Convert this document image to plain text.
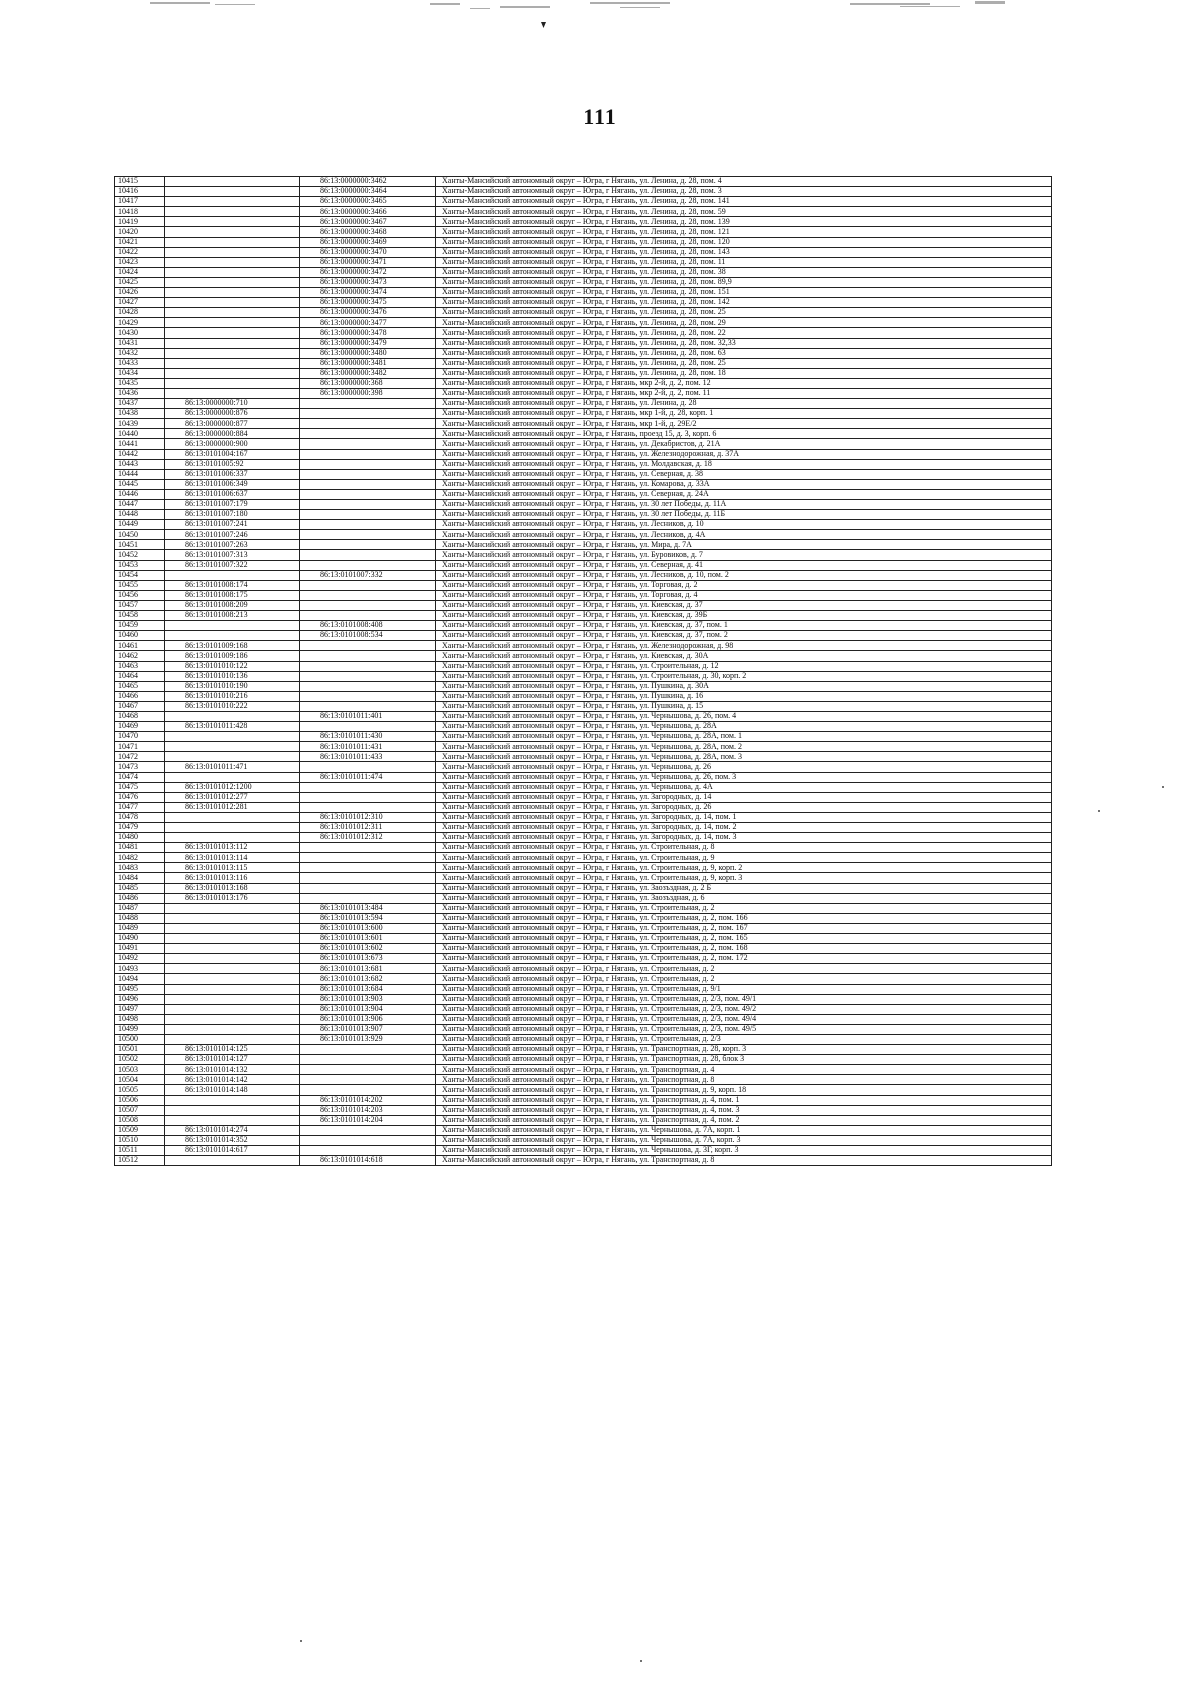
111
10415		86:13:0000000:3462	Ханты-Мансийский автономный округ – Югра, г Нягань, ул. Ленина, д. 28, пом. 4
10416		86:13:0000000:3464	Ханты-Мансийский автономный округ – Югра, г Нягань, ул. Ленина, д. 28, пом. 3
10417		86:13:0000000:3465	Ханты-Мансийский автономный округ – Югра, г Нягань, ул. Ленина, д. 28, пом. 141
10418		86:13:0000000:3466	Ханты-Мансийский автономный округ – Югра, г Нягань, ул. Ленина, д. 28, пом. 59
10419		86:13:0000000:3467	Ханты-Мансийский автономный округ – Югра, г Нягань, ул. Ленина, д. 28, пом. 139
10420		86:13:0000000:3468	Ханты-Мансийский автономный округ – Югра, г Нягань, ул. Ленина, д. 28, пом. 121
10421		86:13:0000000:3469	Ханты-Мансийский автономный округ – Югра, г Нягань, ул. Ленина, д. 28, пом. 120
10422		86:13:0000000:3470	Ханты-Мансийский автономный округ – Югра, г Нягань, ул. Ленина, д. 28, пом. 143
10423		86:13:0000000:3471	Ханты-Мансийский автономный округ – Югра, г Нягань, ул. Ленина, д. 28, пом. 11
10424		86:13:0000000:3472	Ханты-Мансийский автономный округ – Югра, г Нягань, ул. Ленина, д. 28, пом. 38
10425		86:13:0000000:3473	Ханты-Мансийский автономный округ – Югра, г Нягань, ул. Ленина, д. 28, пом. 89,9
10426		86:13:0000000:3474	Ханты-Мансийский автономный округ – Югра, г Нягань, ул. Ленина, д. 28, пом. 151
10427		86:13:0000000:3475	Ханты-Мансийский автономный округ – Югра, г Нягань, ул. Ленина, д. 28, пом. 142
10428		86:13:0000000:3476	Ханты-Мансийский автономный округ – Югра, г Нягань, ул. Ленина, д. 28, пом. 25
10429		86:13:0000000:3477	Ханты-Мансийский автономный округ – Югра, г Нягань, ул. Ленина, д. 28, пом. 29
10430		86:13:0000000:3478	Ханты-Мансийский автономный округ – Югра, г Нягань, ул. Ленина, д. 28, пом. 22
10431		86:13:0000000:3479	Ханты-Мансийский автономный округ – Югра, г Нягань, ул. Ленина, д. 28, пом. 32,33
10432		86:13:0000000:3480	Ханты-Мансийский автономный округ – Югра, г Нягань, ул. Ленина, д. 28, пом. 63
10433		86:13:0000000:3481	Ханты-Мансийский автономный округ – Югра, г Нягань, ул. Ленина, д. 28, пом. 25
10434		86:13:0000000:3482	Ханты-Мансийский автономный округ – Югра, г Нягань, ул. Ленина, д. 28, пом. 18
10435		86:13:0000000:368	Ханты-Мансийский автономный округ – Югра, г Нягань, мкр 2-й, д. 2, пом. 12
10436		86:13:0000000:398	Ханты-Мансийский автономный округ – Югра, г Нягань, мкр 2-й, д. 2, пом. 11
10437	86:13:0000000:710		Ханты-Мансийский автономный округ – Югра, г Нягань, ул. Ленина, д. 28
10438	86:13:0000000:876		Ханты-Мансийский автономный округ – Югра, г Нягань, мкр 1-й, д. 28, корп. 1
10439	86:13:0000000:877		Ханты-Мансийский автономный округ – Югра, г Нягань, мкр 1-й, д. 29Е/2
10440	86:13:0000000:884		Ханты-Мансийский автономный округ – Югра, г Нягань, проезд 15, д. 3, корп. 6
10441	86:13:0000000:900		Ханты-Мансийский автономный округ – Югра, г Нягань, ул. Декабристов, д. 21А
10442	86:13:0101004:167		Ханты-Мансийский автономный округ – Югра, г Нягань, ул. Железнодорожная, д. 37А
10443	86:13:0101005:92		Ханты-Мансийский автономный округ – Югра, г Нягань, ул. Молдавская, д. 18
10444	86:13:0101006:337		Ханты-Мансийский автономный округ – Югра, г Нягань, ул. Северная, д. 38
10445	86:13:0101006:349		Ханты-Мансийский автономный округ – Югра, г Нягань, ул. Комарова, д. 33А
10446	86:13:0101006:637		Ханты-Мансийский автономный округ – Югра, г Нягань, ул. Северная, д. 24А
10447	86:13:0101007:179		Ханты-Мансийский автономный округ – Югра, г Нягань, ул. 30 лет Победы, д. 11А
10448	86:13:0101007:180		Ханты-Мансийский автономный округ – Югра, г Нягань, ул. 30 лет Победы, д. 11Б
10449	86:13:0101007:241		Ханты-Мансийский автономный округ – Югра, г Нягань, ул. Лесников, д. 10
10450	86:13:0101007:246		Ханты-Мансийский автономный округ – Югра, г Нягань, ул. Лесников, д. 4А
10451	86:13:0101007:263		Ханты-Мансийский автономный округ – Югра, г Нягань, ул. Мира, д. 7А
10452	86:13:0101007:313		Ханты-Мансийский автономный округ – Югра, г Нягань, ул. Буровиков, д. 7
10453	86:13:0101007:322		Ханты-Мансийский автономный округ – Югра, г Нягань, ул. Северная, д. 41
10454		86:13:0101007:332	Ханты-Мансийский автономный округ – Югра, г Нягань, ул. Лесников, д. 10, пом. 2
10455	86:13:0101008:174		Ханты-Мансийский автономный округ – Югра, г Нягань, ул. Торговая, д. 2
10456	86:13:0101008:175		Ханты-Мансийский автономный округ – Югра, г Нягань, ул. Торговая, д. 4
10457	86:13:0101008:209		Ханты-Мансийский автономный округ – Югра, г Нягань, ул. Киевская, д. 37
10458	86:13:0101008:213		Ханты-Мансийский автономный округ – Югра, г Нягань, ул. Киевская, д. 39Б
10459		86:13:0101008:408	Ханты-Мансийский автономный округ – Югра, г Нягань, ул. Киевская, д. 37, пом. 1
10460		86:13:0101008:534	Ханты-Мансийский автономный округ – Югра, г Нягань, ул. Киевская, д. 37, пом. 2
10461	86:13:0101009:168		Ханты-Мансийский автономный округ – Югра, г Нягань, ул. Железнодорожная, д. 98
10462	86:13:0101009:186		Ханты-Мансийский автономный округ – Югра, г Нягань, ул. Киевская, д. 30А
10463	86:13:0101010:122		Ханты-Мансийский автономный округ – Югра, г Нягань, ул. Строительная, д. 12
10464	86:13:0101010:136		Ханты-Мансийский автономный округ – Югра, г Нягань, ул. Строительная, д. 30, корп. 2
10465	86:13:0101010:190		Ханты-Мансийский автономный округ – Югра, г Нягань, ул. Пушкина, д. 30А
10466	86:13:0101010:216		Ханты-Мансийский автономный округ – Югра, г Нягань, ул. Пушкина, д. 16
10467	86:13:0101010:222		Ханты-Мансийский автономный округ – Югра, г Нягань, ул. Пушкина, д. 15
10468		86:13:0101011:401	Ханты-Мансийский автономный округ – Югра, г Нягань, ул. Чернышова, д. 26, пом. 4
10469	86:13:0101011:428		Ханты-Мансийский автономный округ – Югра, г Нягань, ул. Чернышова, д. 28А
10470		86:13:0101011:430	Ханты-Мансийский автономный округ – Югра, г Нягань, ул. Чернышова, д. 28А, пом. 1
10471		86:13:0101011:431	Ханты-Мансийский автономный округ – Югра, г Нягань, ул. Чернышова, д. 28А, пом. 2
10472		86:13:0101011:433	Ханты-Мансийский автономный округ – Югра, г Нягань, ул. Чернышова, д. 28А, пом. 3
10473	86:13:0101011:471		Ханты-Мансийский автономный округ – Югра, г Нягань, ул. Чернышова, д. 26
10474		86:13:0101011:474	Ханты-Мансийский автономный округ – Югра, г Нягань, ул. Чернышова, д. 26, пом. 3
10475	86:13:0101012:1200		Ханты-Мансийский автономный округ – Югра, г Нягань, ул. Чернышова, д. 4А
10476	86:13:0101012:277		Ханты-Мансийский автономный округ – Югра, г Нягань, ул. Загородных, д. 14
10477	86:13:0101012:281		Ханты-Мансийский автономный округ – Югра, г Нягань, ул. Загородных, д. 26
10478		86:13:0101012:310	Ханты-Мансийский автономный округ – Югра, г Нягань, ул. Загородных, д. 14, пом. 1
10479		86:13:0101012:311	Ханты-Мансийский автономный округ – Югра, г Нягань, ул. Загородных, д. 14, пом. 2
10480		86:13:0101012:312	Ханты-Мансийский автономный округ – Югра, г Нягань, ул. Загородных, д. 14, пом. 3
10481	86:13:0101013:112		Ханты-Мансийский автономный округ – Югра, г Нягань, ул. Строительная, д. 8
10482	86:13:0101013:114		Ханты-Мансийский автономный округ – Югра, г Нягань, ул. Строительная, д. 9
10483	86:13:0101013:115		Ханты-Мансийский автономный округ – Югра, г Нягань, ул. Строительная, д. 9, корп. 2
10484	86:13:0101013:116		Ханты-Мансийский автономный округ – Югра, г Нягань, ул. Строительная, д. 9, корп. 3
10485	86:13:0101013:168		Ханты-Мансийский автономный округ – Югра, г Нягань, ул. Заозъздная, д. 2 Б
10486	86:13:0101013:176		Ханты-Мансийский автономный округ – Югра, г Нягань, ул. Заозъздная, д. 6
10487		86:13:0101013:484	Ханты-Мансийский автономный округ – Югра, г Нягань, ул. Строительная, д. 2
10488		86:13:0101013:594	Ханты-Мансийский автономный округ – Югра, г Нягань, ул. Строительная, д. 2, пом. 166
10489		86:13:0101013:600	Ханты-Мансийский автономный округ – Югра, г Нягань, ул. Строительная, д. 2, пом. 167
10490		86:13:0101013:601	Ханты-Мансийский автономный округ – Югра, г Нягань, ул. Строительная, д. 2, пом. 165
10491		86:13:0101013:602	Ханты-Мансийский автономный округ – Югра, г Нягань, ул. Строительная, д. 2, пом. 168
10492		86:13:0101013:673	Ханты-Мансийский автономный округ – Югра, г Нягань, ул. Строительная, д. 2, пом. 172
10493		86:13:0101013:681	Ханты-Мансийский автономный округ – Югра, г Нягань, ул. Строительная, д. 2
10494		86:13:0101013:682	Ханты-Мансийский автономный округ – Югра, г Нягань, ул. Строительная, д. 2
10495		86:13:0101013:684	Ханты-Мансийский автономный округ – Югра, г Нягань, ул. Строительная, д. 9/1
10496		86:13:0101013:903	Ханты-Мансийский автономный округ – Югра, г Нягань, ул. Строительная, д. 2/3, пом. 49/1
10497		86:13:0101013:904	Ханты-Мансийский автономный округ – Югра, г Нягань, ул. Строительная, д. 2/3, пом. 49/2
10498		86:13:0101013:906	Ханты-Мансийский автономный округ – Югра, г Нягань, ул. Строительная, д. 2/3, пом. 49/4
10499		86:13:0101013:907	Ханты-Мансийский автономный округ – Югра, г Нягань, ул. Строительная, д. 2/3, пом. 49/5
10500		86:13:0101013:929	Ханты-Мансийский автономный округ – Югра, г Нягань, ул. Строительная, д. 2/3
10501	86:13:0101014:125		Ханты-Мансийский автономный округ – Югра, г Нягань, ул. Транспортная, д. 28, корп. 3
10502	86:13:0101014:127		Ханты-Мансийский автономный округ – Югра, г Нягань, ул. Транспортная, д. 28, блок 3
10503	86:13:0101014:132		Ханты-Мансийский автономный округ – Югра, г Нягань, ул. Транспортная, д. 4
10504	86:13:0101014:142		Ханты-Мансийский автономный округ – Югра, г Нягань, ул. Транспортная, д. 8
10505	86:13:0101014:148		Ханты-Мансийский автономный округ – Югра, г Нягань, ул. Транспортная, д. 9, корп. 18
10506		86:13:0101014:202	Ханты-Мансийский автономный округ – Югра, г Нягань, ул. Транспортная, д. 4, пом. 1
10507		86:13:0101014:203	Ханты-Мансийский автономный округ – Югра, г Нягань, ул. Транспортная, д. 4, пом. 3
10508		86:13:0101014:204	Ханты-Мансийский автономный округ – Югра, г Нягань, ул. Транспортная, д. 4, пом. 2
10509	86:13:0101014:274		Ханты-Мансийский автономный округ – Югра, г Нягань, ул. Чернышова, д. 7А, корп. 1
10510	86:13:0101014:352		Ханты-Мансийский автономный округ – Югра, г Нягань, ул. Чернышова, д. 7А, корп. 3
10511	86:13:0101014:617		Ханты-Мансийский автономный округ – Югра, г Нягань, ул. Чернышова, д. 3Г, корп. 3
10512		86:13:0101014:618	Ханты-Мансийский автономный округ – Югра, г Нягань, ул. Транспортная, д. 8
